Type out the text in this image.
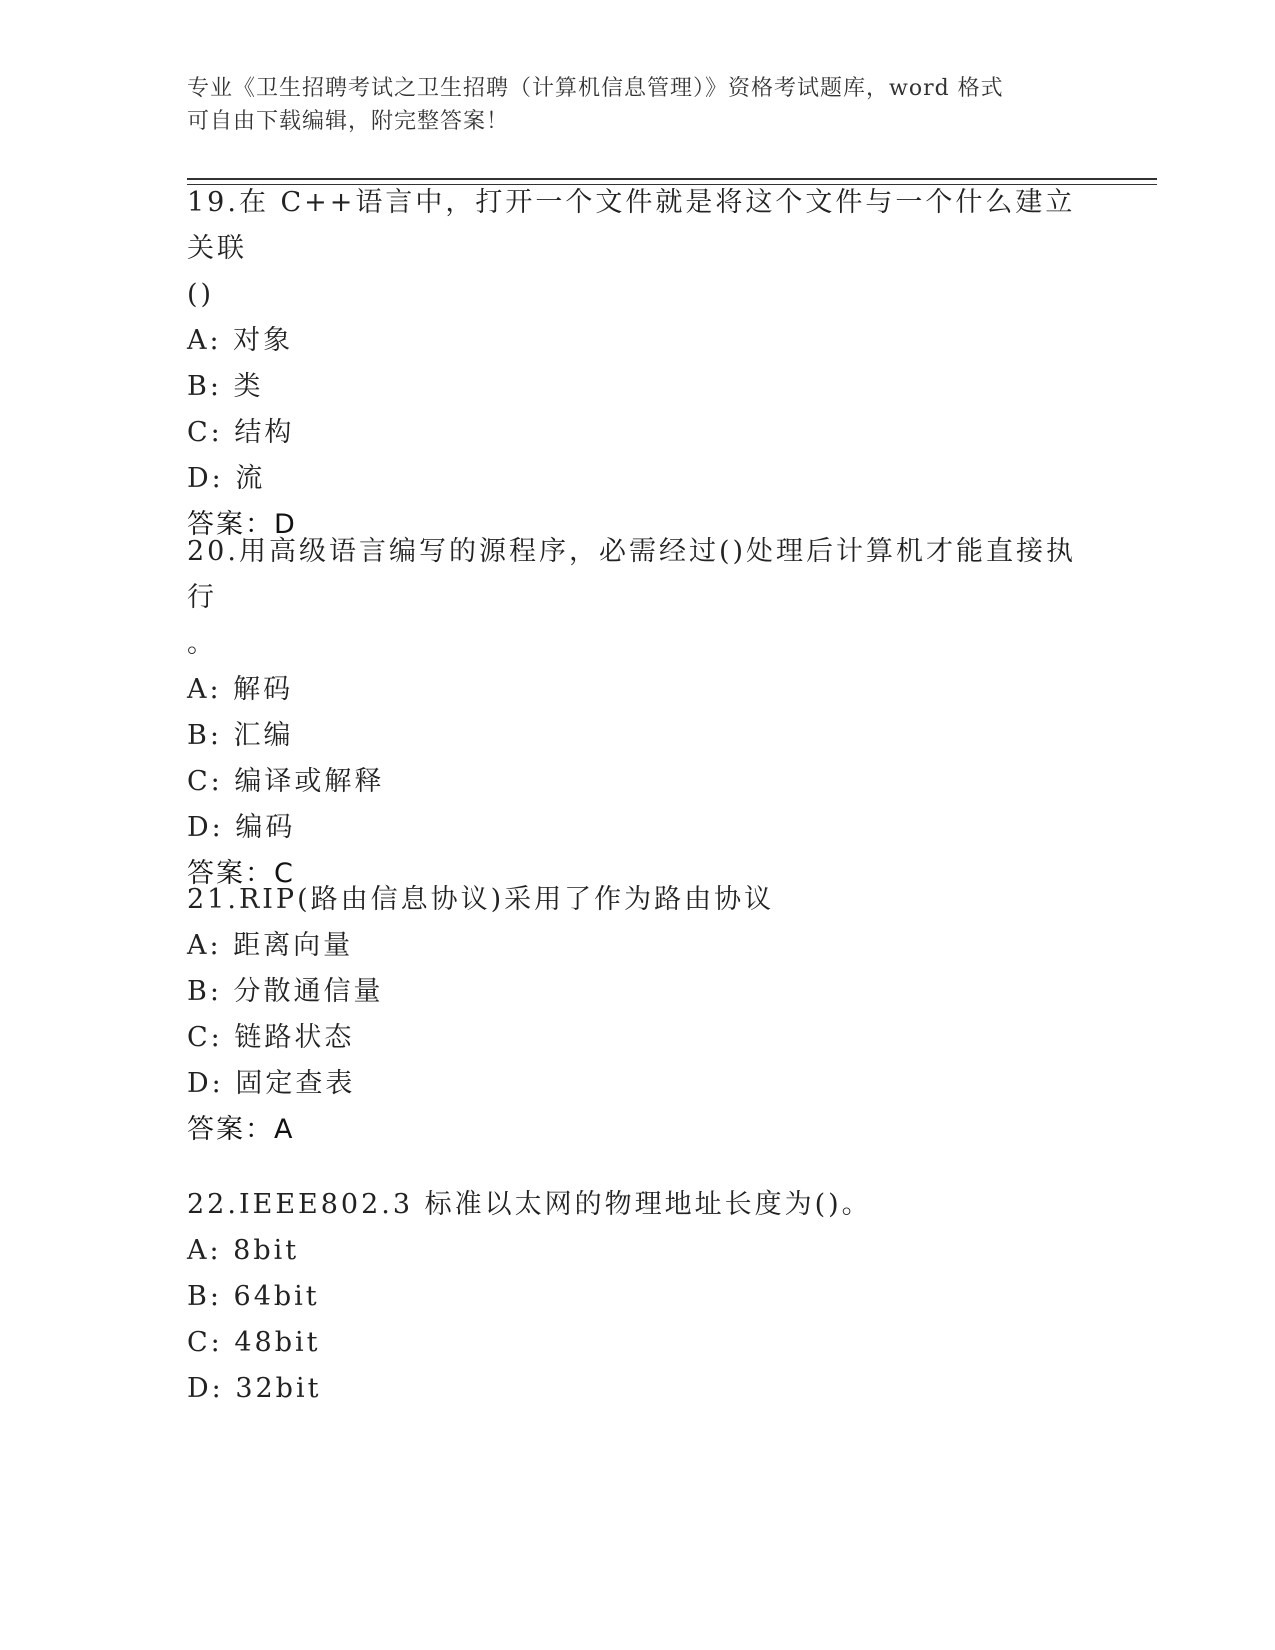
专业《卫生招聘考试之卫生招聘（计算机信息管理）》资格考试题库，word 格式
可自由下载编辑，附完整答案！

19.在 C++语言中，打开一个文件就是将这个文件与一个什么建立关联

()

A: 对象

B: 类

C: 结构

D: 流

答案：D

20.用高级语言编写的源程序，必需经过()处理后计算机才能直接执行

。

A: 解码

B: 汇编

C: 编译或解释

D: 编码

答案：C

21.RIP(路由信息协议)采用了作为路由协议

A: 距离向量

B: 分散通信量

C: 链路状态

D: 固定查表

答案：A

22.IEEE802.3 标准以太网的物理地址长度为()。

A: 8bit

B: 64bit

C: 48bit

D: 32bit
